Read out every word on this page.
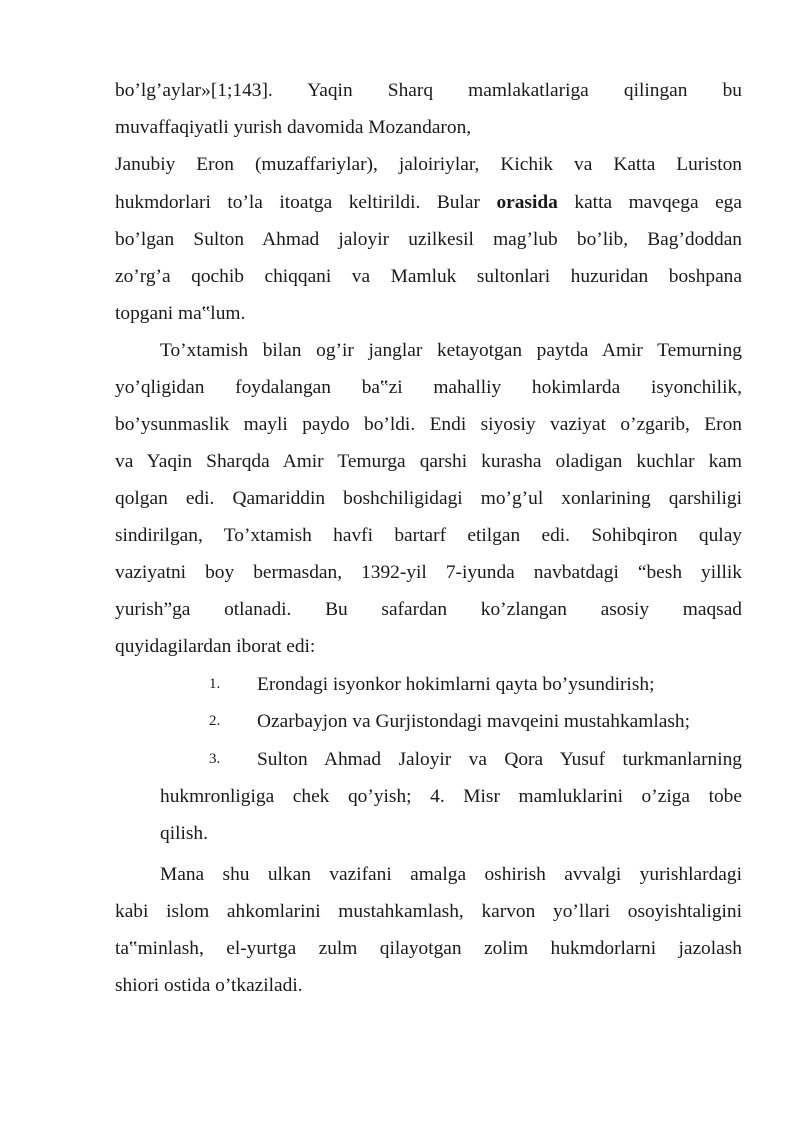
bo’lg’aylar»[1;143]. Yaqin Sharq mamlakatlariga qilingan bu
muvaffaqiyatli yurish davomida Mozandaron,
Janubiy Eron (muzaffariylar), jaloiriylar, Kichik va Katta Luriston
hukmdorlari to’la itoatga keltirildi. Bular orasida katta mavqega ega
bo’lgan Sulton Ahmad jaloyir uzilkesil mag’lub bo’lib, Bag’doddan
zo’rg’a qochib chiqqani va Mamluk sultonlari huzuridan boshpana
topgani ma‟lum.
To’xtamish bilan og’ir janglar ketayotgan paytda Amir Temurning
yo’qligidan foydalangan ba‟zi mahalliy hokimlarda isyonchilik,
bo’ysunmaslik mayli paydo bo’ldi. Endi siyosiy vaziyat o’zgarib, Eron
va Yaqin Sharqda Amir Temurga qarshi kurasha oladigan kuchlar kam
qolgan edi. Qamariddin boshchiligidagi mo’g’ul xonlarining qarshiligi
sindirilgan, To’xtamish havfi bartarf etilgan edi. Sohibqiron qulay
vaziyatni boy bermasdan, 1392-yil 7-iyunda navbatdagi “besh yillik
yurish”ga otlanadi. Bu safardan ko’zlangan asosiy maqsad
quyidagilardan iborat edi:
1. Erondagi isyonkor hokimlarni qayta bo’ysundirish;
2. Ozarbayjon va Gurjistondagi mavqeini mustahkamlash;
3. Sulton Ahmad Jaloyir va Qora Yusuf turkmanlarning
hukmronligiga chek qo’yish; 4. Misr mamluklarini o’ziga tobe
qilish.
Mana shu ulkan vazifani amalga oshirish avvalgi yurishlardagi
kabi islom ahkomlarini mustahkamlash, karvon yo’llari osoyishtaligini
ta‟minlash, el-yurtga zulm qilayotgan zolim hukmdorlarni jazolash
shiori ostida o’tkaziladi.
